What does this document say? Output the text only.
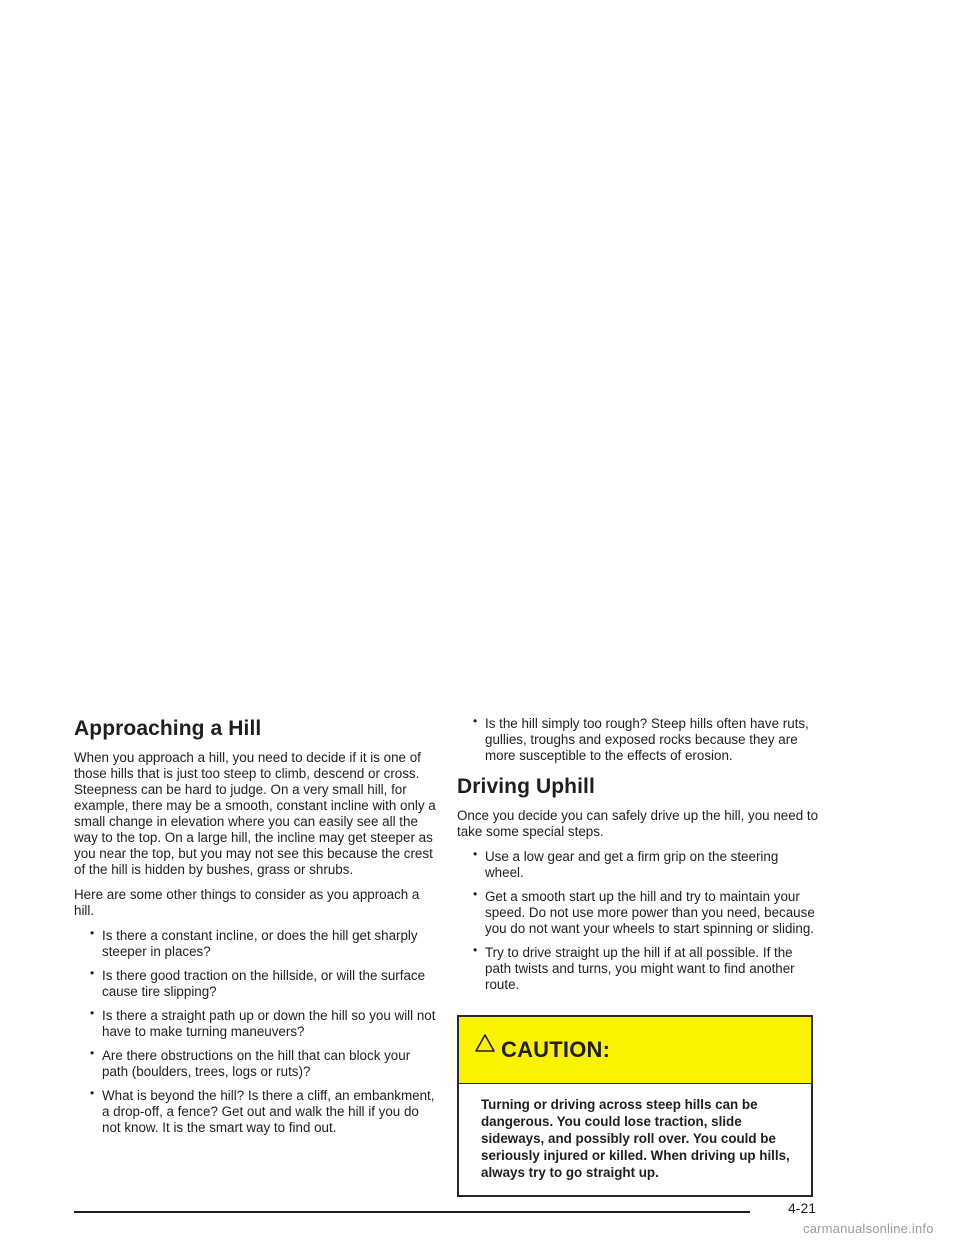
Approaching a Hill

When you approach a hill, you need to decide if it is one of those hills that is just too steep to climb, descend or cross. Steepness can be hard to judge. On a very small hill, for example, there may be a smooth, constant incline with only a small change in elevation where you can easily see all the way to the top. On a large hill, the incline may get steeper as you near the top, but you may not see this because the crest of the hill is hidden by bushes, grass or shrubs.

Here are some other things to consider as you approach a hill.

• Is there a constant incline, or does the hill get sharply steeper in places?
• Is there good traction on the hillside, or will the surface cause tire slipping?
• Is there a straight path up or down the hill so you will not have to make turning maneuvers?
• Are there obstructions on the hill that can block your path (boulders, trees, logs or ruts)?
• What is beyond the hill? Is there a cliff, an embankment, a drop-off, a fence? Get out and walk the hill if you do not know. It is the smart way to find out.
• Is the hill simply too rough? Steep hills often have ruts, gullies, troughs and exposed rocks because they are more susceptible to the effects of erosion.
Driving Uphill

Once you decide you can safely drive up the hill, you need to take some special steps.

• Use a low gear and get a firm grip on the steering wheel.
• Get a smooth start up the hill and try to maintain your speed. Do not use more power than you need, because you do not want your wheels to start spinning or sliding.
• Try to drive straight up the hill if at all possible. If the path twists and turns, you might want to find another route.
CAUTION:
Turning or driving across steep hills can be dangerous. You could lose traction, slide sideways, and possibly roll over. You could be seriously injured or killed. When driving up hills, always try to go straight up.
4-21
carmanualsonline.info
